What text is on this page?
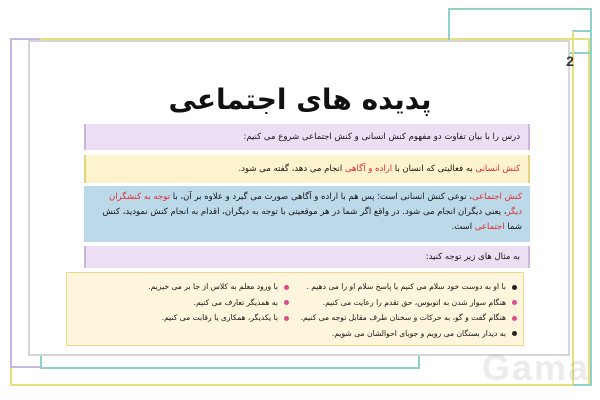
2
پدیده های اجتماعی
درس را با بیان تفاوت دو مفهوم کنش انسانی و کنش اجتماعی شروع می کنیم:
کنش انسانی به فعالیتی که انسان با اراده و آگاهی انجام می دهد، گفته می شود.
کنش اجتماعی، نوعی کنش انسانی است؛ پس هم با اراده و آگاهی صورت می گیرد و علاوه بر آن، با توجه به کنشگران دیگر، یعنی دیگران انجام می شود. در واقع اگر شما در هر موقعیتی با توجه به دیگران، اقدام به انجام کنش نمودید، کنش شما اجتماعی است.
به مثال های زیر توجه کنید:
با او به دوست خود سلام می کنیم یا پاسخ سلام او را می دهیم .
هنگام سوار شدن به اتوبوس، حق تقدم را رعایت می کنیم.
هنگام گفت و گو، به حرکات و سخنان طرف مقابل توجه می کنیم.
به دیدار بستگان می رویم و جویای احوالشان می شویم.
با ورود معلم به کلاس از جا بر می خیزیم.
به همدیگر تعارف می کنیم.
با یکدیگر، همکاری یا رقابت می کنیم.
Gama
